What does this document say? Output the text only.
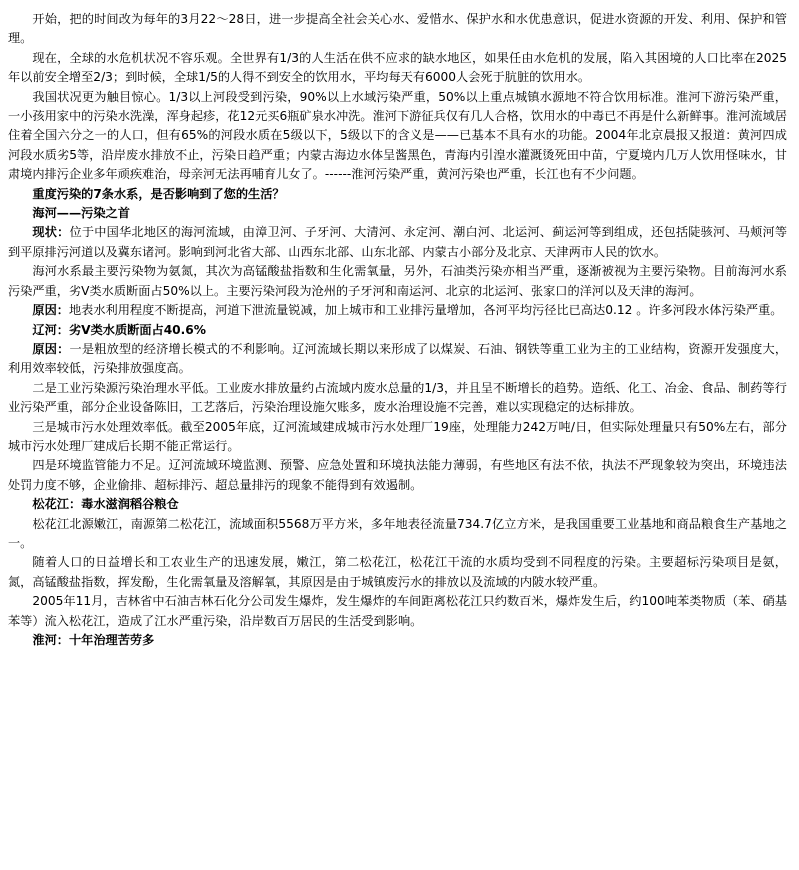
开始，把的时间改为每年的3月22～28日，进一步提高全社会关心水、爱惜水、保护水和水优患意识，促进水资源的开发、利用、保护和管理。

现在，全球的水危机状况不容乐观。全世界有1/3的人生活在供不应求的缺水地区，如果任由水危机的发展，陷入其困境的人口比率在2025年以前安全增至2/3；到时候，全球1/5的人得不到安全的饮用水，平均每天有6000人会死于肮脏的饮用水。

我国状况更为触目惊心。1/3以上河段受到污染，90%以上水域污染严重，50%以上重点城镇水源地不符合饮用标准。淮河下游污染严重，一小孩用家中的污染水洗澡，浑身起疹，花12元买6瓶矿泉水冲洗。淮河下游征兵仅有几人合格，饮用水的中毒已不再是什么新鲜事。淮河流域居住着全国六分之一的人口，但有65%的河段水质在5级以下，5级以下的含义是——已基本不具有水的功能。2004年北京晨报又报道：黄河四成河段水质劣5等，沿岸废水排放不止，污染日趋严重；内蒙古海边水体呈酱黑色，青海内引湟水灌溉烫死田中苗，宁夏境内几万人饮用怪味水，甘肃境内排污企业多年顽疾难治，母亲河无法再哺育儿女了。------淮河污染严重，黄河污染也严重，长江也有不少问题。

重度污染的7条水系，是否影响到了您的生活？

海河——污染之首

现状：位于中国华北地区的海河流域，由漳卫河、子牙河、大清河、永定河、潮白河、北运河、蓟运河等到组成，还包括陡骇河、马颊河等到平原排污河道以及冀东诸河。影响到河北省大部、山西东北部、山东北部、内蒙古小部分及北京、天津两市人民的饮水。

海河水系最主要污染物为氨氮，其次为高锰酸盐指数和生化需氧量，另外，石油类污染亦相当严重，逐渐被视为主要污染物。目前海河水系污染严重，劣Ⅴ类水质断面占50%以上。主要污染河段为沧州的子牙河和南运河、北京的北运河、张家口的洋河以及天津的海河。

原因：地表水利用程度不断提高，河道下泄流量锐减，加上城市和工业排污量增加，各河平均污径比已高达0.12 。许多河段水体污染严重。

辽河：劣Ⅴ类水质断面占40.6%

原因：一是粗放型的经济增长模式的不利影响。辽河流域长期以来形成了以煤炭、石油、钢铁等重工业为主的工业结构，资源开发强度大，利用效率较低，污染排放强度高。

二是工业污染源污染治理水平低。工业废水排放量约占流域内废水总量的1/3，并且呈不断增长的趋势。造纸、化工、冶金、食品、制药等行业污染严重，部分企业设备陈旧，工艺落后，污染治理设施欠账多，废水治理设施不完善，难以实现稳定的达标排放。

三是城市污水处理效率低。截至2005年底，辽河流域建成城市污水处理厂19座，处理能力242万吨/日，但实际处理量只有50%左右，部分城市污水处理厂建成后长期不能正常运行。

四是环境监管能力不足。辽河流域环境监测、预警、应急处置和环境执法能力薄弱，有些地区有法不依，执法不严现象较为突出，环境违法处罚力度不够，企业偷排、超标排污、超总量排污的现象不能得到有效遏制。

松花江：毒水滋润稻谷粮仓

松花江北源嫩江，南源第二松花江，流域面积5568万平方米，多年地表径流量734.7亿立方米，是我国重要工业基地和商品粮食生产基地之一。

随着人口的日益增长和工农业生产的迅速发展，嫩江，第二松花江，松花江干流的水质均受到不同程度的污染。主要超标污染项目是氨，氮，高锰酸盐指数，挥发酚，生化需氧量及溶解氧，其原因是由于城镇废污水的排放以及流域的内陂水较严重。

2005年11月，吉林省中石油吉林石化分公司发生爆炸，发生爆炸的车间距离松花江只约数百米，爆炸发生后，约100吨苯类物质（苯、硝基苯等）流入松花江，造成了江水严重污染，沿岸数百万居民的生活受到影响。

淮河：十年治理苦劳多
